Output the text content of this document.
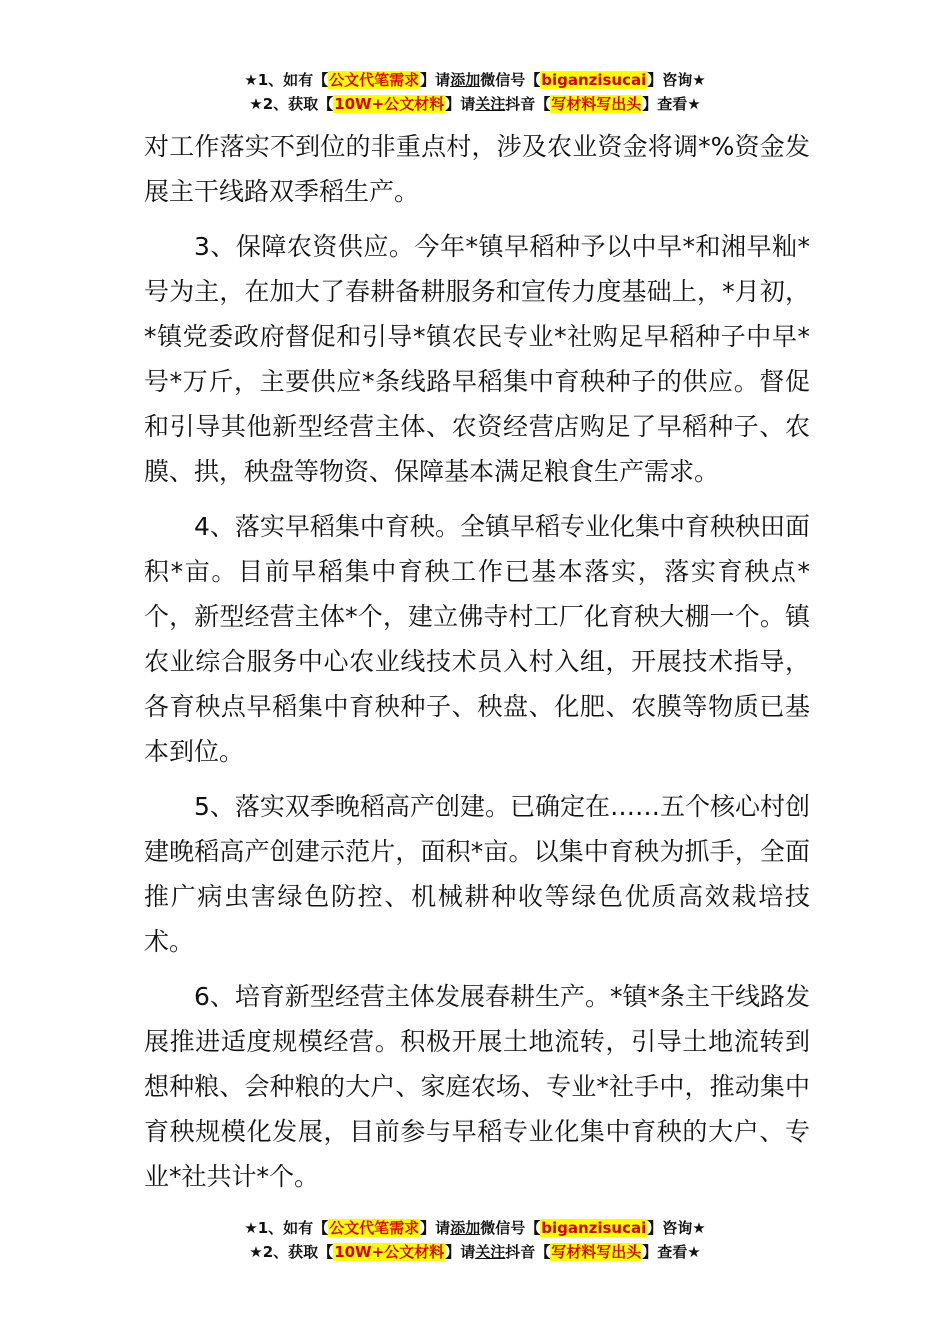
★1、如有【公文代笔需求】请添加微信号【biganzisucai】咨询★
★2、获取【10W+公文材料】请关注抖音【写材料写出头】查看★

对工作落实不到位的非重点村，涉及农业资金将调*%资金发展主干线路双季稻生产。

3、保障农资供应。今年*镇早稻种予以中早*和湘早籼*号为主，在加大了春耕备耕服务和宣传力度基础上，*月初，*镇党委政府督促和引导*镇农民专业*社购足早稻种子中早*号*万斤，主要供应*条线路早稻集中育秧种子的供应。督促和引导其他新型经营主体、农资经营店购足了早稻种子、农膜、拱，秧盘等物资、保障基本满足粮食生产需求。

4、落实早稻集中育秧。全镇早稻专业化集中育秧秧田面积*亩。目前早稻集中育秧工作已基本落实，落实育秧点*个，新型经营主体*个，建立佛寺村工厂化育秧大棚一个。镇农业综合服务中心农业线技术员入村入组，开展技术指导，各育秧点早稻集中育秧种子、秧盘、化肥、农膜等物质已基本到位。

5、落实双季晚稻高产创建。已确定在……五个核心村创建晚稻高产创建示范片，面积*亩。以集中育秧为抓手，全面推广病虫害绿色防控、机械耕种收等绿色优质高效栽培技术。

6、培育新型经营主体发展春耕生产。*镇*条主干线路发展推进适度规模经营。积极开展土地流转，引导土地流转到想种粮、会种粮的大户、家庭农场、专业*社手中，推动集中育秧规模化发展，目前参与早稻专业化集中育秧的大户、专业*社共计*个。

★1、如有【公文代笔需求】请添加微信号【biganzisucai】咨询★
★2、获取【10W+公文材料】请关注抖音【写材料写出头】查看★
